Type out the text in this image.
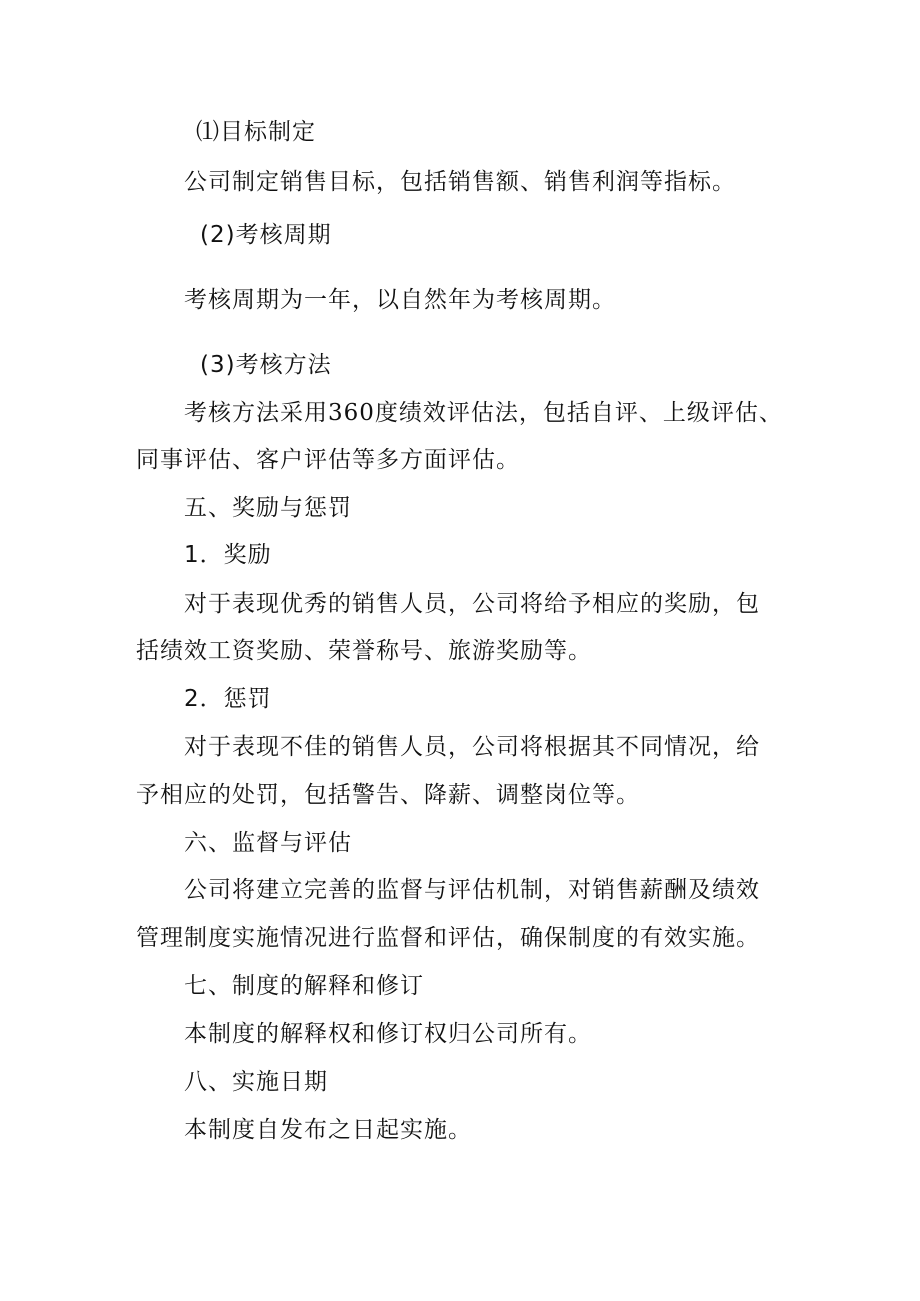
⑴目标制定
公司制定销售目标，包括销售额、销售利润等指标。
(2)考核周期
考核周期为一年，以自然年为考核周期。
(3)考核方法
考核方法采用360度绩效评估法，包括自评、上级评估、
同事评估、客户评估等多方面评估。
五、奖励与惩罚
1．奖励
对于表现优秀的销售人员，公司将给予相应的奖励，包
括绩效工资奖励、荣誉称号、旅游奖励等。
2．惩罚
对于表现不佳的销售人员，公司将根据其不同情况，给
予相应的处罚，包括警告、降薪、调整岗位等。
六、监督与评估
公司将建立完善的监督与评估机制，对销售薪酬及绩效
管理制度实施情况进行监督和评估，确保制度的有效实施。
七、制度的解释和修订
本制度的解释权和修订权归公司所有。
八、实施日期
本制度自发布之日起实施。
